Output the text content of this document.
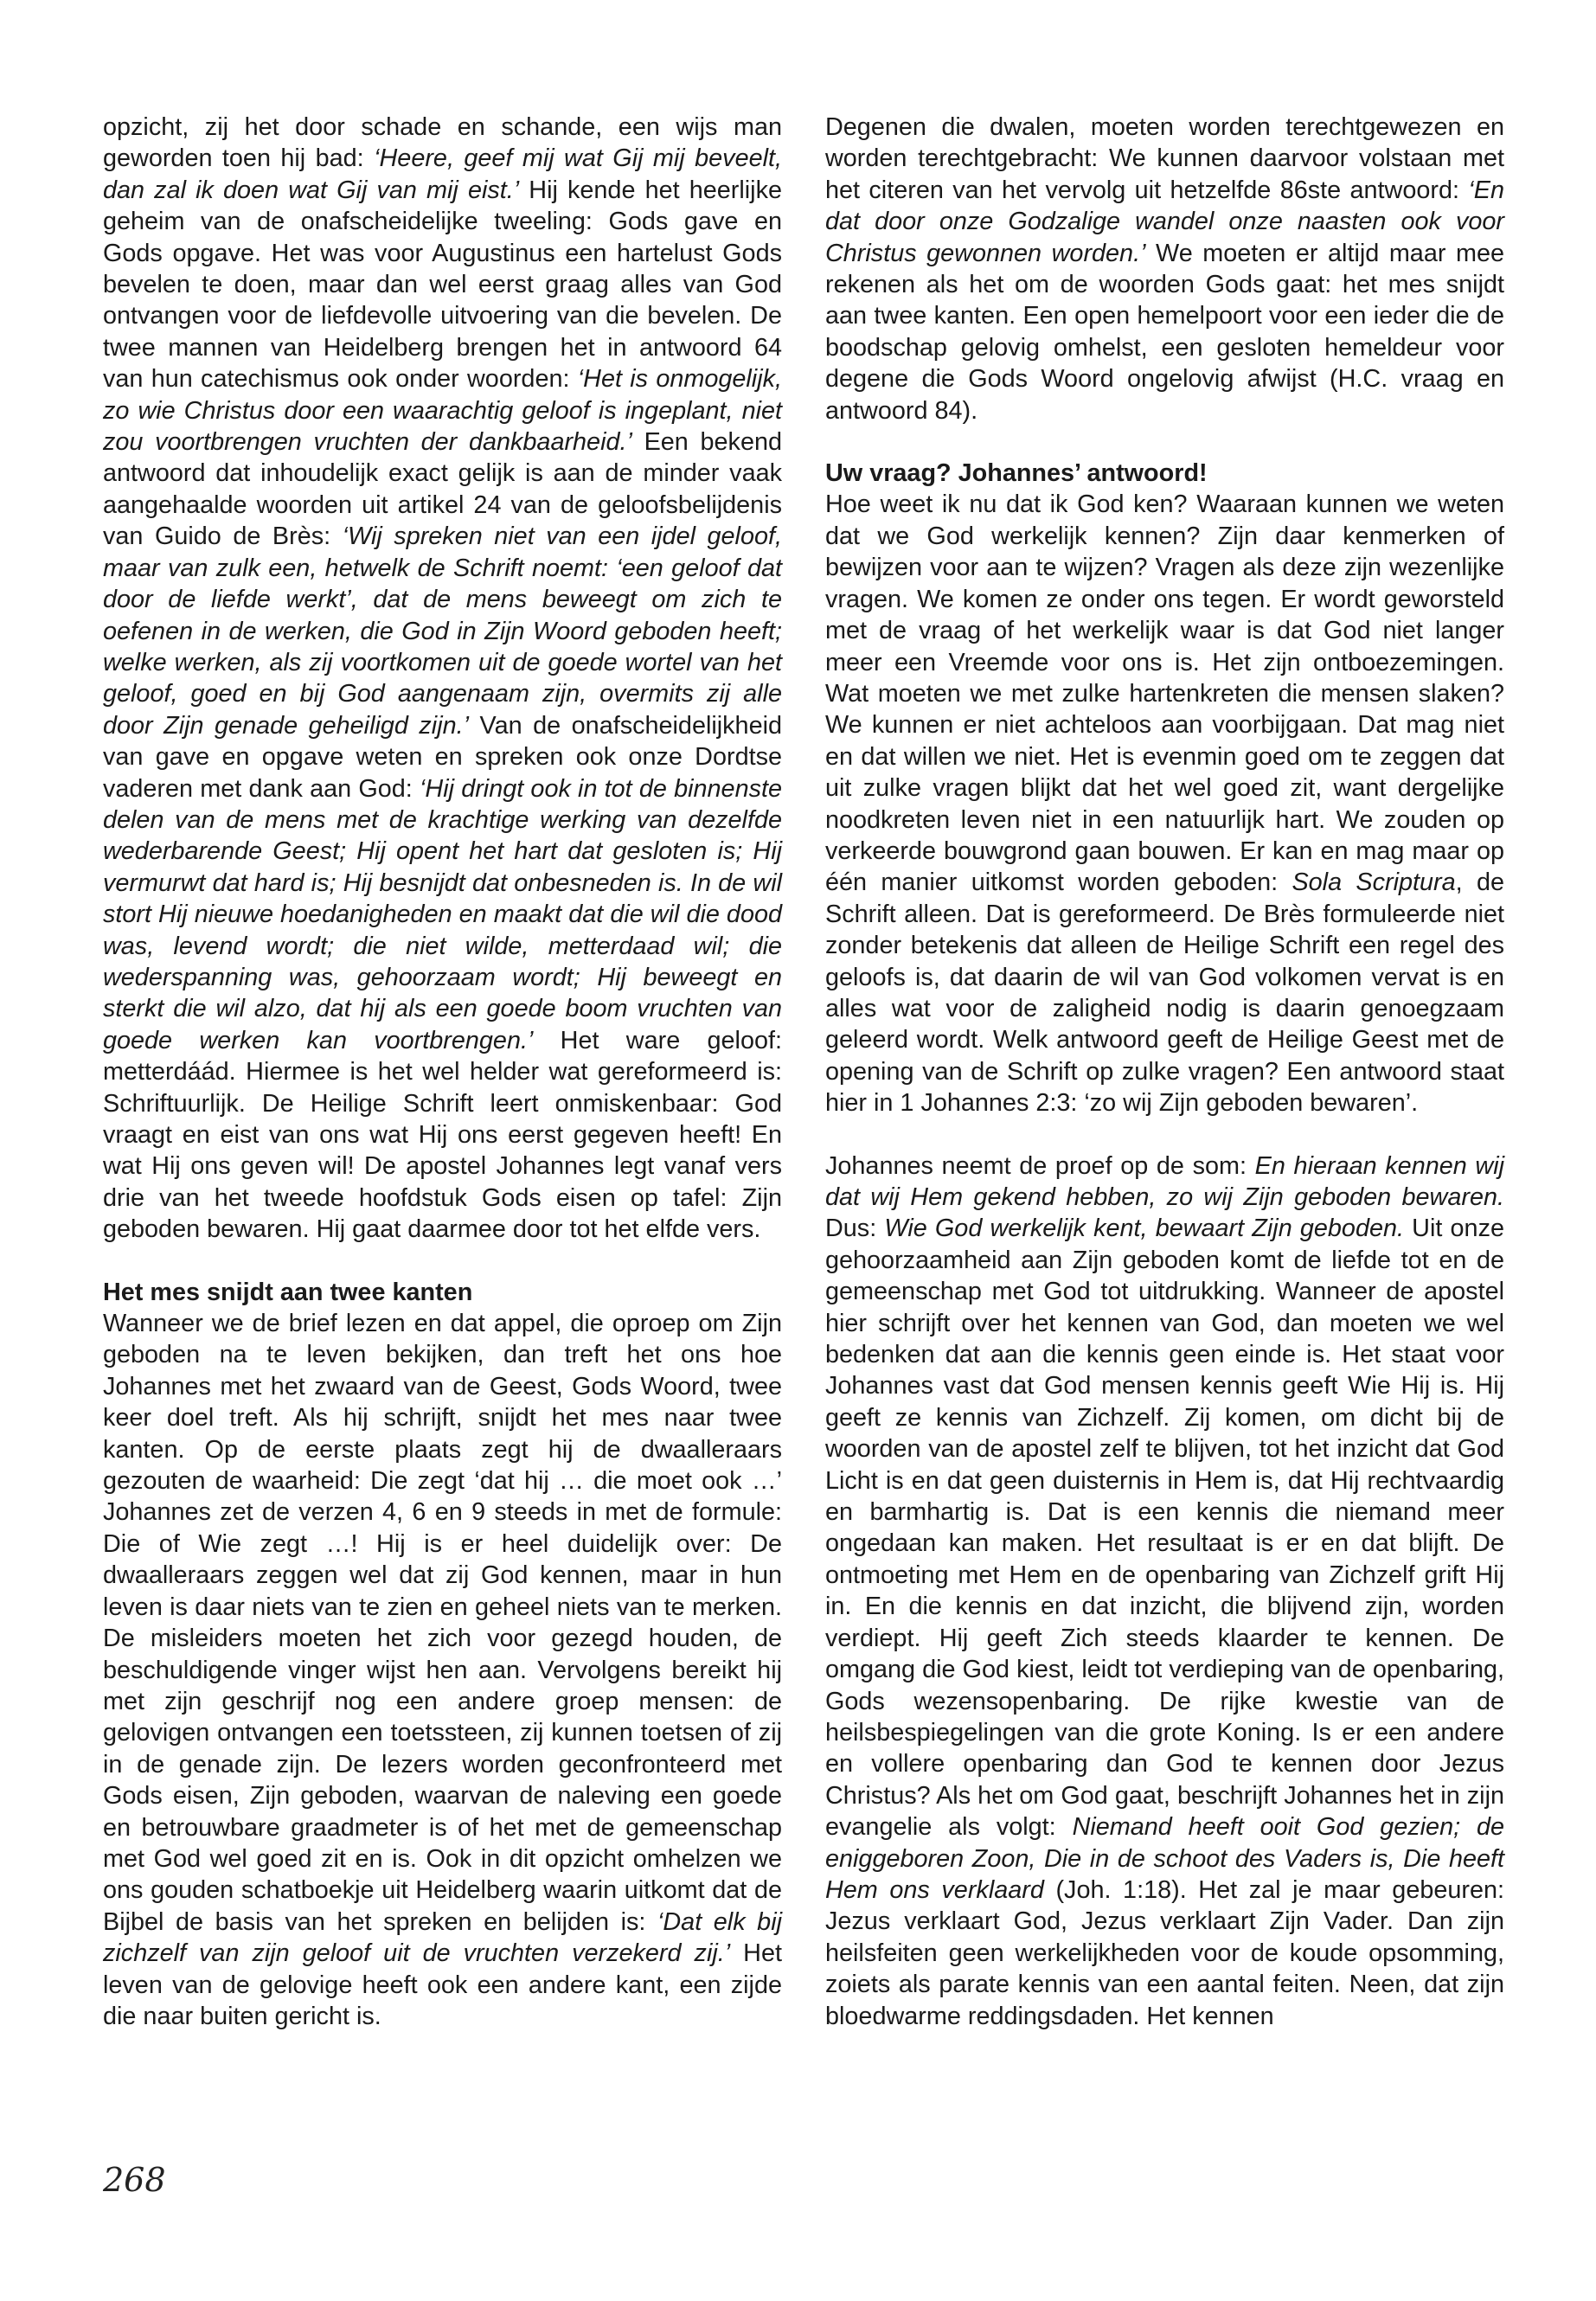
opzicht, zij het door schade en schande, een wijs man geworden toen hij bad: ‘Heere, geef mij wat Gij mij beveelt, dan zal ik doen wat Gij van mij eist.’ Hij kende het heerlijke geheim van de onafscheidelijke tweeling: Gods gave en Gods opgave. Het was voor Augustinus een hartelust Gods bevelen te doen, maar dan wel eerst graag alles van God ontvangen voor de liefdevolle uitvoering van die bevelen. De twee mannen van Heidelberg brengen het in antwoord 64 van hun catechismus ook onder woorden: ‘Het is onmogelijk, zo wie Christus door een waarachtig geloof is ingeplant, niet zou voortbrengen vruchten der dankbaarheid.’ Een bekend antwoord dat inhoudelijk exact gelijk is aan de minder vaak aangehaalde woorden uit artikel 24 van de geloofsbelijdenis van Guido de Brès: ‘Wij spreken niet van een ijdel geloof, maar van zulk een, hetwelk de Schrift noemt: ‘een geloof dat door de liefde werkt’, dat de mens beweegt om zich te oefenen in de werken, die God in Zijn Woord geboden heeft; welke werken, als zij voortkomen uit de goede wortel van het geloof, goed en bij God aangenaam zijn, overmits zij alle door Zijn genade geheiligd zijn.’ Van de onafscheidelijkheid van gave en opgave weten en spreken ook onze Dordtse vaderen met dank aan God: ‘Hij dringt ook in tot de binnenste delen van de mens met de krachtige werking van dezelfde wederbarende Geest; Hij opent het hart dat gesloten is; Hij vermurwt dat hard is; Hij besnijdt dat onbesneden is. In de wil stort Hij nieuwe hoedanigheden en maakt dat die wil die dood was, levend wordt; die niet wilde, metterdaad wil; die wederspanning was, gehoorzaam wordt; Hij beweegt en sterkt die wil alzo, dat hij als een goede boom vruchten van goede werken kan voortbrengen.’ Het ware geloof: metterdáád. Hiermee is het wel helder wat gereformeerd is: Schriftuurlijk. De Heilige Schrift leert onmiskenbaar: God vraagt en eist van ons wat Hij ons eerst gegeven heeft! En wat Hij ons geven wil! De apostel Johannes legt vanaf vers drie van het tweede hoofdstuk Gods eisen op tafel: Zijn geboden bewaren. Hij gaat daarmee door tot het elfde vers.

Het mes snijdt aan twee kanten

Wanneer we de brief lezen en dat appel, die oproep om Zijn geboden na te leven bekijken, dan treft het ons hoe Johannes met het zwaard van de Geest, Gods Woord, twee keer doel treft. Als hij schrijft, snijdt het mes naar twee kanten. Op de eerste plaats zegt hij de dwaalleraars gezouten de waarheid: Die zegt ‘dat hij … die moet ook …’ Johannes zet de verzen 4, 6 en 9 steeds in met de formule: Die of Wie zegt …! Hij is er heel duidelijk over: De dwaalleraars zeggen wel dat zij God kennen, maar in hun leven is daar niets van te zien en geheel niets van te merken. De misleiders moeten het zich voor gezegd houden, de beschuldigende vinger wijst hen aan. Vervolgens bereikt hij met zijn geschrijf nog een andere groep mensen: de gelovigen ontvangen een toetssteen, zij kunnen toetsen of zij in de genade zijn. De lezers worden geconfronteerd met Gods eisen, Zijn geboden, waarvan de naleving een goede en betrouwbare graadmeter is of het met de gemeenschap met God wel goed zit en is. Ook in dit opzicht omhelzen we ons gouden schatboekje uit Heidelberg waarin uitkomt dat de Bijbel de basis van het spreken en belijden is: ‘Dat elk bij zichzelf van zijn geloof uit de vruchten verzekerd zij.’ Het leven van de gelovige heeft ook een andere kant, een zijde die naar buiten gericht is.

Degenen die dwalen, moeten worden terechtgewezen en worden terechtgebracht: We kunnen daarvoor volstaan met het citeren van het vervolg uit hetzelfde 86ste antwoord: ‘En dat door onze Godzalige wandel onze naasten ook voor Christus gewonnen worden.’ We moeten er altijd maar mee rekenen als het om de woorden Gods gaat: het mes snijdt aan twee kanten. Een open hemelpoort voor een ieder die de boodschap gelovig omhelst, een gesloten hemeldeur voor degene die Gods Woord ongelovig afwijst (H.C. vraag en antwoord 84).

Uw vraag? Johannes’ antwoord!

Hoe weet ik nu dat ik God ken? Waaraan kunnen we weten dat we God werkelijk kennen? Zijn daar kenmerken of bewijzen voor aan te wijzen? Vragen als deze zijn wezenlijke vragen. We komen ze onder ons tegen. Er wordt geworsteld met de vraag of het werkelijk waar is dat God niet langer meer een Vreemde voor ons is. Het zijn ontboezemingen. Wat moeten we met zulke hartenkreten die mensen slaken? We kunnen er niet achteloos aan voorbijgaan. Dat mag niet en dat willen we niet. Het is evenmin goed om te zeggen dat uit zulke vragen blijkt dat het wel goed zit, want dergelijke noodkreten leven niet in een natuurlijk hart. We zouden op verkeerde bouwgrond gaan bouwen. Er kan en mag maar op één manier uitkomst worden geboden: Sola Scriptura, de Schrift alleen. Dat is gereformeerd. De Brès formuleerde niet zonder betekenis dat alleen de Heilige Schrift een regel des geloofs is, dat daarin de wil van God volkomen vervat is en alles wat voor de zaligheid nodig is daarin genoegzaam geleerd wordt. Welk antwoord geeft de Heilige Geest met de opening van de Schrift op zulke vragen? Een antwoord staat hier in 1 Johannes 2:3: ‘zo wij Zijn geboden bewaren’.

Johannes neemt de proef op de som: En hieraan kennen wij dat wij Hem gekend hebben, zo wij Zijn geboden bewaren. Dus: Wie God werkelijk kent, bewaart Zijn geboden. Uit onze gehoorzaamheid aan Zijn geboden komt de liefde tot en de gemeenschap met God tot uitdrukking. Wanneer de apostel hier schrijft over het kennen van God, dan moeten we wel bedenken dat aan die kennis geen einde is. Het staat voor Johannes vast dat God mensen kennis geeft Wie Hij is. Hij geeft ze kennis van Zichzelf. Zij komen, om dicht bij de woorden van de apostel zelf te blijven, tot het inzicht dat God Licht is en dat geen duisternis in Hem is, dat Hij rechtvaardig en barmhartig is. Dat is een kennis die niemand meer ongedaan kan maken. Het resultaat is er en dat blijft. De ontmoeting met Hem en de openbaring van Zichzelf grift Hij in. En die kennis en dat inzicht, die blijvend zijn, worden verdiept. Hij geeft Zich steeds klaarder te kennen. De omgang die God kiest, leidt tot verdieping van de openbaring, Gods wezensopenbaring. De rijke kwestie van de heilsbespiegelingen van die grote Koning. Is er een andere en vollere openbaring dan God te kennen door Jezus Christus? Als het om God gaat, beschrijft Johannes het in zijn evangelie als volgt: Niemand heeft ooit God gezien; de eniggeboren Zoon, Die in de schoot des Vaders is, Die heeft Hem ons verklaard (Joh. 1:18). Het zal je maar gebeuren: Jezus verklaart God, Jezus verklaart Zijn Vader. Dan zijn heilsfeiten geen werkelijkheden voor de koude opsomming, zoiets als parate kennis van een aantal feiten. Neen, dat zijn bloedwarme reddingsdaden. Het kennen

268
